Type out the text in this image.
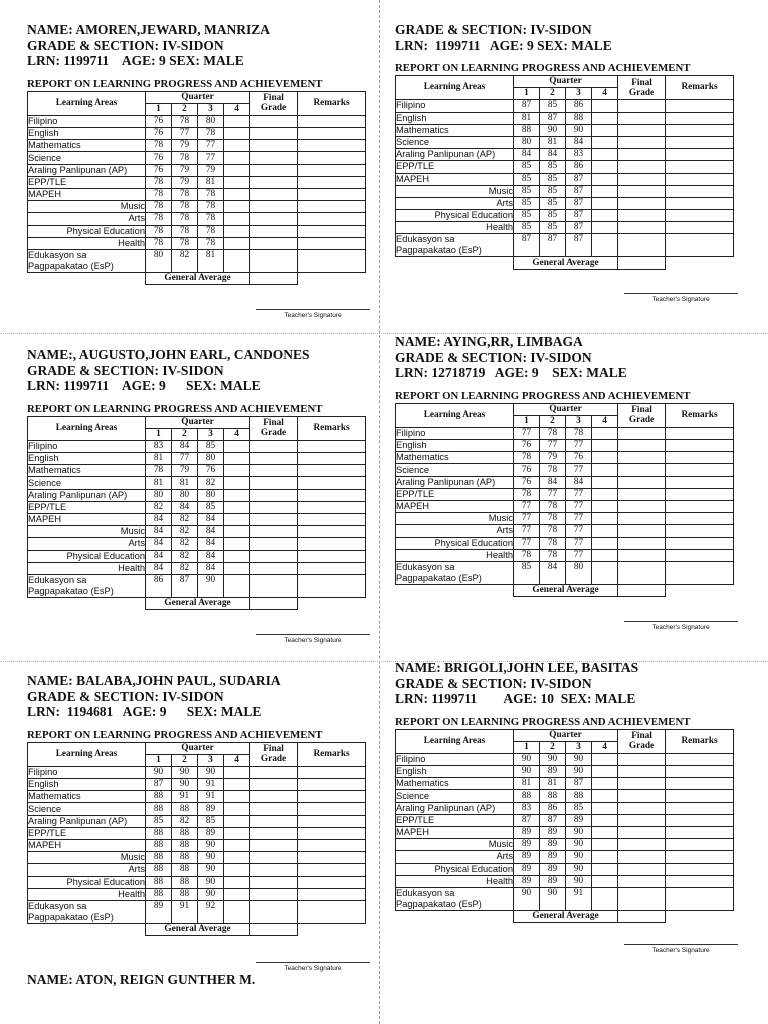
NAME: AMOREN,JEWARD, MANRIZA
GRADE & SECTION: IV-SIDON
LRN: 1199711    AGE: 9 SEX: MALE
REPORT ON LEARNING PROGRESS AND ACHIEVEMENT
Learning Areas	Quarter				Final
Grade	Remarks
	1	2	3	4		
Filipino	76	78	80			
English	76	77	78			
Mathematics	78	79	77			
Science	76	78	77			
Araling Panlipunan (AP)	76	79	79			
EPP/TLE	78	79	81			
MAPEH	78	78	78			
Music	78	78	78			
Arts	78	78	78			
Physical Education	78	78	78			
Health	78	78	78			

Edukasyon sa
Pagpapakatao (EsP)	80	82	81			
	General Average					
Teacher's Signature
GRADE & SECTION: IV-SIDON
LRN:  1199711   AGE: 9 SEX: MALE
REPORT ON LEARNING PROGRESS AND ACHIEVEMENT
Learning Areas	Quarter				Final
Grade	Remarks
	1	2	3	4		
Filipino	87	85	86			
English	81	87	88			
Mathematics	88	90	90			
Science	80	81	84			
Araling Panlipunan (AP)	84	84	83			
EPP/TLE	85	85	86			
MAPEH	85	85	87			
Music	85	85	87			
Arts	85	85	87			
Physical Education	85	85	87			
Health	85	85	87			

Edukasyon sa
Pagpapakatao (EsP)	87	87	87			
	General Average					
Teacher's Signature
NAME:, AUGUSTO,JOHN EARL, CANDONES
GRADE & SECTION: IV-SIDON
LRN: 1199711    AGE: 9      SEX: MALE
REPORT ON LEARNING PROGRESS AND ACHIEVEMENT
Learning Areas	Quarter				Final
Grade	Remarks
	1	2	3	4		
Filipino	83	84	85			
English	81	77	80			
Mathematics	78	79	76			
Science	81	81	82			
Araling Panlipunan (AP)	80	80	80			
EPP/TLE	82	84	85			
MAPEH	84	82	84			
Music	84	82	84			
Arts	84	82	84			
Physical Education	84	82	84			
Health	84	82	84			

Edukasyon sa
Pagpapakatao (EsP)	86	87	90			
	General Average					
Teacher's Signature
NAME: AYING,RR, LIMBAGA
GRADE & SECTION: IV-SIDON
LRN: 12718719   AGE: 9    SEX: MALE
REPORT ON LEARNING PROGRESS AND ACHIEVEMENT
Learning Areas	Quarter				Final
Grade	Remarks
	1	2	3	4		
Filipino	77	78	78			
English	76	77	77			
Mathematics	78	79	76			
Science	76	78	77			
Araling Panlipunan (AP)	76	84	84			
EPP/TLE	78	77	77			
MAPEH	77	78	77			
Music	77	78	77			
Arts	77	78	77			
Physical Education	77	78	77			
Health	78	78	77			

Edukasyon sa
Pagpapakatao (EsP)	85	84	80			
	General Average					
Teacher's Signature
NAME: BALABA,JOHN PAUL, SUDARIA
GRADE & SECTION: IV-SIDON
LRN:  1194681   AGE: 9      SEX: MALE
REPORT ON LEARNING PROGRESS AND ACHIEVEMENT
Learning Areas	Quarter				Final
Grade	Remarks
	1	2	3	4		
Filipino	90	90	90			
English	87	90	91			
Mathematics	88	91	91			
Science	88	88	89			
Araling Panlipunan (AP)	85	82	85			
EPP/TLE	88	88	89			
MAPEH	88	88	90			
Music	88	88	90			
Arts	88	88	90			
Physical Education	88	88	90			
Health	88	88	90			

Edukasyon sa
Pagpapakatao (EsP)	89	91	92			
	General Average					
Teacher's Signature
NAME: BRIGOLI,JOHN LEE, BASITAS
GRADE & SECTION: IV-SIDON
LRN: 1199711        AGE: 10  SEX: MALE
REPORT ON LEARNING PROGRESS AND ACHIEVEMENT
Learning Areas	Quarter				Final
Grade	Remarks
	1	2	3	4		
Filipino	90	90	90			
English	90	89	90			
Mathematics	81	81	87			
Science	88	88	88			
Araling Panlipunan (AP)	83	86	85			
EPP/TLE	87	87	89			
MAPEH	89	89	90			
Music	89	89	90			
Arts	89	89	90			
Physical Education	89	89	90			
Health	89	89	90			

Edukasyon sa
Pagpapakatao (EsP)	90	90	91			
	General Average					
Teacher's Signature
NAME: ATON, REIGN GUNTHER M.
